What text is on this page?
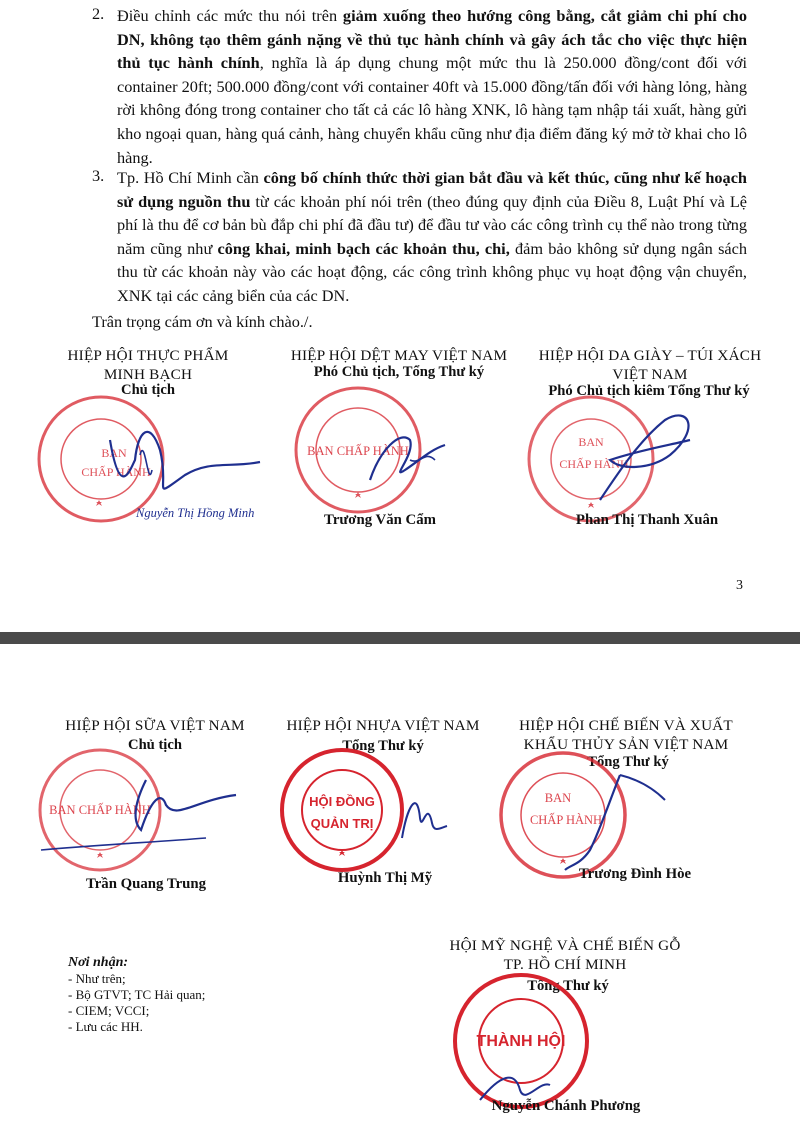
2. Điều chỉnh các mức thu nói trên giảm xuống theo hướng công bằng, cắt giảm chi phí cho DN, không tạo thêm gánh nặng về thủ tục hành chính và gây ách tắc cho việc thực hiện thủ tục hành chính, nghĩa là áp dụng chung một mức thu là 250.000 đồng/cont đối với container 20ft; 500.000 đồng/cont với container 40ft và 15.000 đồng/tấn đối với hàng lỏng, hàng rời không đóng trong container cho tất cả các lô hàng XNK, lô hàng tạm nhập tái xuất, hàng gửi kho ngoại quan, hàng quá cảnh, hàng chuyển khẩu cũng như địa điểm đăng ký mở tờ khai cho lô hàng.
3. Tp. Hồ Chí Minh cần công bố chính thức thời gian bắt đầu và kết thúc, cũng như kế hoạch sử dụng nguồn thu từ các khoản phí nói trên (theo đúng quy định của Điều 8, Luật Phí và Lệ phí là thu để cơ bản bù đắp chi phí đã đầu tư) để đầu tư vào các công trình cụ thể nào trong từng năm cũng như công khai, minh bạch các khoản thu, chi, đảm bảo không sử dụng ngân sách thu từ các khoản này vào các hoạt động, các công trình không phục vụ hoạt động vận chuyển, XNK tại các cảng biển của các DN.
Trân trọng cám ơn và kính chào./.
HIỆP HỘI THỰC PHẨM MINH BẠCH
Chủ tịch
BAN
CHẤP HÀNH
Nguyễn Thị Hồng Minh
HIỆP HỘI DỆT MAY VIỆT NAM
Phó Chủ tịch, Tổng Thư ký
BAN CHẤP HÀNH
Trương Văn Cẩm
HIỆP HỘI DA GIÀY – TÚI XÁCH VIỆT NAM
Phó Chủ tịch kiêm Tổng Thư ký
BAN
CHẤP HÀNH
Phan Thị Thanh Xuân
3
HIỆP HỘI SỮA VIỆT NAM
Chủ tịch
BAN CHẤP HÀNH
Trần Quang Trung
HIỆP HỘI NHỰA VIỆT NAM
Tổng Thư ký
HỘI ĐỒNG
QUẢN TRỊ
Huỳnh Thị Mỹ
HIỆP HỘI CHẾ BIẾN VÀ XUẤT KHẨU THỦY SẢN VIỆT NAM
Tổng Thư ký
BAN
CHẤP HÀNH
Trương Đình Hòe
HỘI MỸ NGHỆ VÀ CHẾ BIẾN GỖ TP. HỒ CHÍ MINH
Tổng Thư ký
THÀNH HỘI
Nguyễn Chánh Phương
Nơi nhận:
- Như trên;
- Bộ GTVT; TC Hải quan;
- CIEM; VCCI;
- Lưu các HH.
